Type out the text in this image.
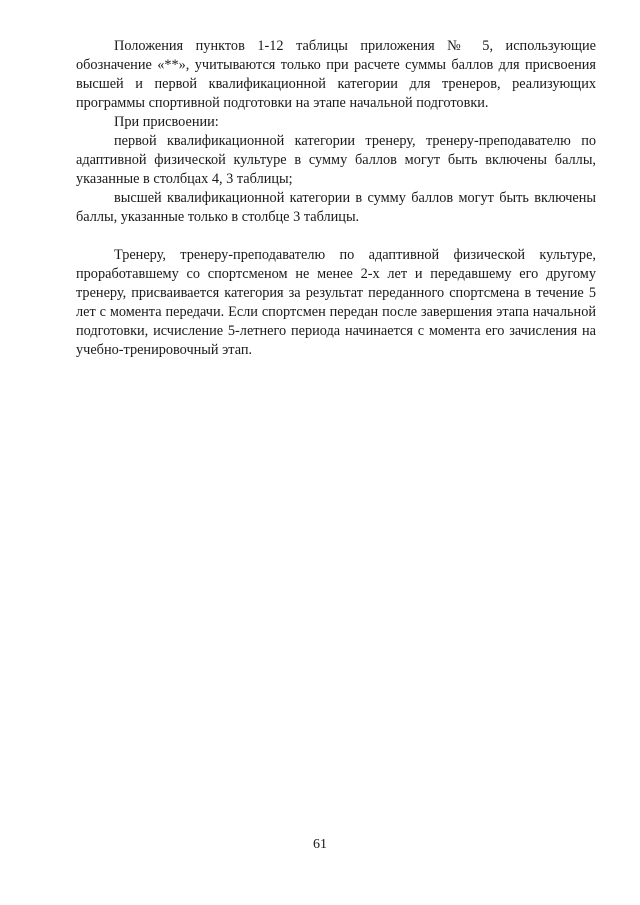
Положения пунктов 1-12 таблицы приложения № 5, использующие обозначение «**», учитываются только при расчете суммы баллов для присвоения высшей и первой квалификационной категории для тренеров, реализующих программы спортивной подготовки на этапе начальной подготовки.

При присвоении:

первой квалификационной категории тренеру, тренеру-преподавателю по адаптивной физической культуре в сумму баллов могут быть включены баллы, указанные в столбцах 4, 3 таблицы;

высшей квалификационной категории в сумму баллов могут быть включены баллы, указанные только в столбце 3 таблицы.

Тренеру, тренеру-преподавателю по адаптивной физической культуре, проработавшему со спортсменом не менее 2-х лет и передавшему его другому тренеру, присваивается категория за результат переданного спортсмена в течение 5 лет с момента передачи. Если спортсмен передан после завершения этапа начальной подготовки, исчисление 5-летнего периода начинается с момента его зачисления на учебно-тренировочный этап.

61
